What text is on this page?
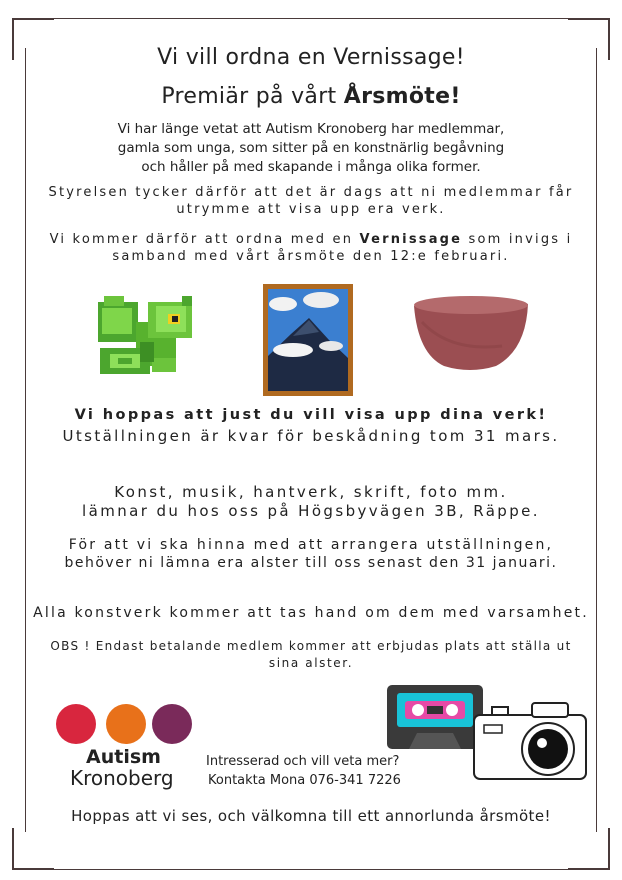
Vi vill ordna en Vernissage!
Premiär på vårt Årsmöte!
Vi har länge vetat att Autism Kronoberg har medlemmar,
gamla som unga, som sitter på en konstnärlig begåvning
och håller på med skapande i många olika former.
Styrelsen tycker därför att det är dags att ni medlemmar får
utrymme att visa upp era verk.
Vi kommer därför att ordna med en Vernissage som invigs i
samband med vårt årsmöte den 12:e februari.
Vi hoppas att just du vill visa upp dina verk!
Utställningen är kvar för beskådning tom 31 mars.
Konst, musik, hantverk, skrift, foto mm.
lämnar du hos oss på Högsbyvägen 3B, Räppe.
För att vi ska hinna med att arrangera utställningen,
behöver ni lämna era alster till oss senast den 31 januari.
Alla konstverk kommer att tas hand om dem med varsamhet.
OBS ! Endast betalande medlem kommer att erbjudas plats att ställa ut
sina alster.
Autism
Kronoberg
Intresserad och vill veta mer?
Kontakta Mona 076-341 7226
Hoppas att vi ses, och välkomna till ett annorlunda årsmöte!
